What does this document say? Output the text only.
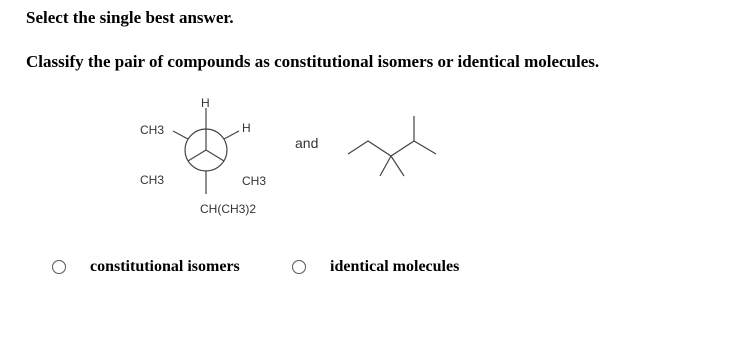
Select the single best answer.
Classify the pair of compounds as constitutional isomers or identical molecules.
H
CH3	H
CH3	CH3
CH(CH3)2
and
constitutional isomers	identical molecules
